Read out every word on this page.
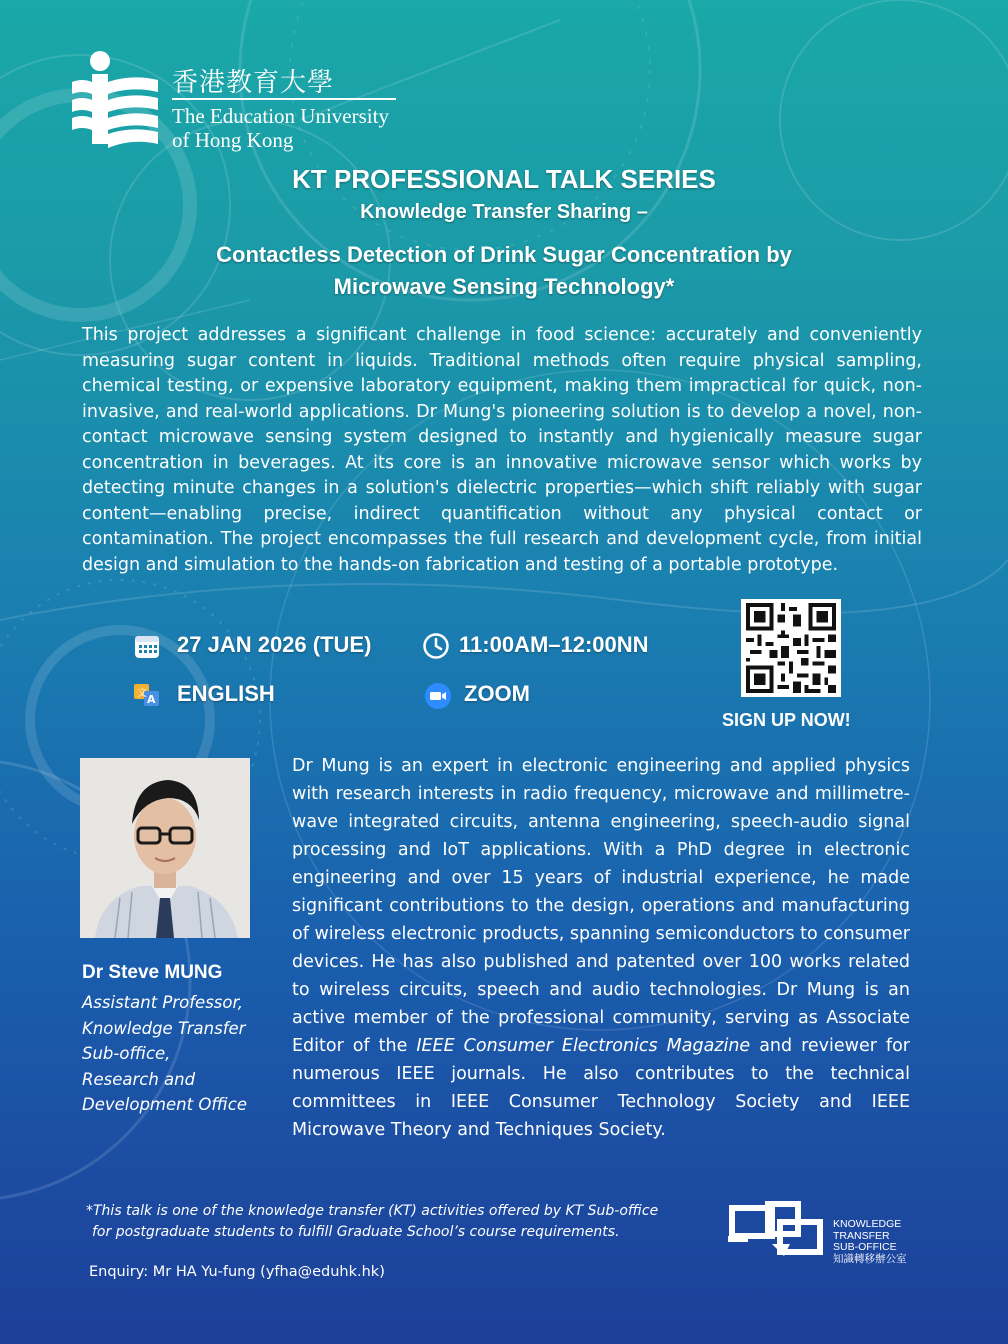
香港教育大學
The Education University
of Hong Kong
KT PROFESSIONAL TALK SERIES
Knowledge Transfer Sharing –
Contactless Detection of Drink Sugar Concentration by
Microwave Sensing Technology*
This project addresses a significant challenge in food science: accurately and conveniently measuring sugar content in liquids. Traditional methods often require physical sampling, chemical testing, or expensive laboratory equipment, making them impractical for quick, non-invasive, and real-world applications. Dr Mung's pioneering solution is to develop a novel, non-contact microwave sensing system designed to instantly and hygienically measure sugar concentration in beverages. At its core is an innovative microwave sensor which works by detecting minute changes in a solution's dielectric properties—which shift reliably with sugar content—enabling precise, indirect quantification without any physical contact or contamination. The project encompasses the full research and development cycle, from initial design and simulation to the hands-on fabrication and testing of a portable prototype.
27 JAN 2026 (TUE)	11:00AM–12:00NN
文 A ENGLISH	ZOOM
SIGN UP NOW!
Dr Steve MUNG
Assistant Professor,
Knowledge Transfer
Sub-office,
Research and
Development Office
Dr Mung is an expert in electronic engineering and applied physics with research interests in radio frequency, microwave and millimetre-wave integrated circuits, antenna engineering, speech-audio signal processing and IoT applications. With a PhD degree in electronic engineering and over 15 years of industrial experience, he made significant contributions to the design, operations and manufacturing of wireless electronic products, spanning semiconductors to consumer devices. He has also published and patented over 100 works related to wireless circuits, speech and audio technologies. Dr Mung is an active member of the professional community, serving as Associate Editor of the IEEE Consumer Electronics Magazine and reviewer for numerous IEEE journals. He also contributes to the technical committees in IEEE Consumer Technology Society and IEEE Microwave Theory and Techniques Society.
*This talk is one of the knowledge transfer (KT) activities offered by KT Sub-office
for postgraduate students to fulfill Graduate School’s course requirements.
Enquiry: Mr HA Yu-fung (yfha@eduhk.hk)
KNOWLEDGE
TRANSFER
SUB-OFFICE
知識轉移辦公室
